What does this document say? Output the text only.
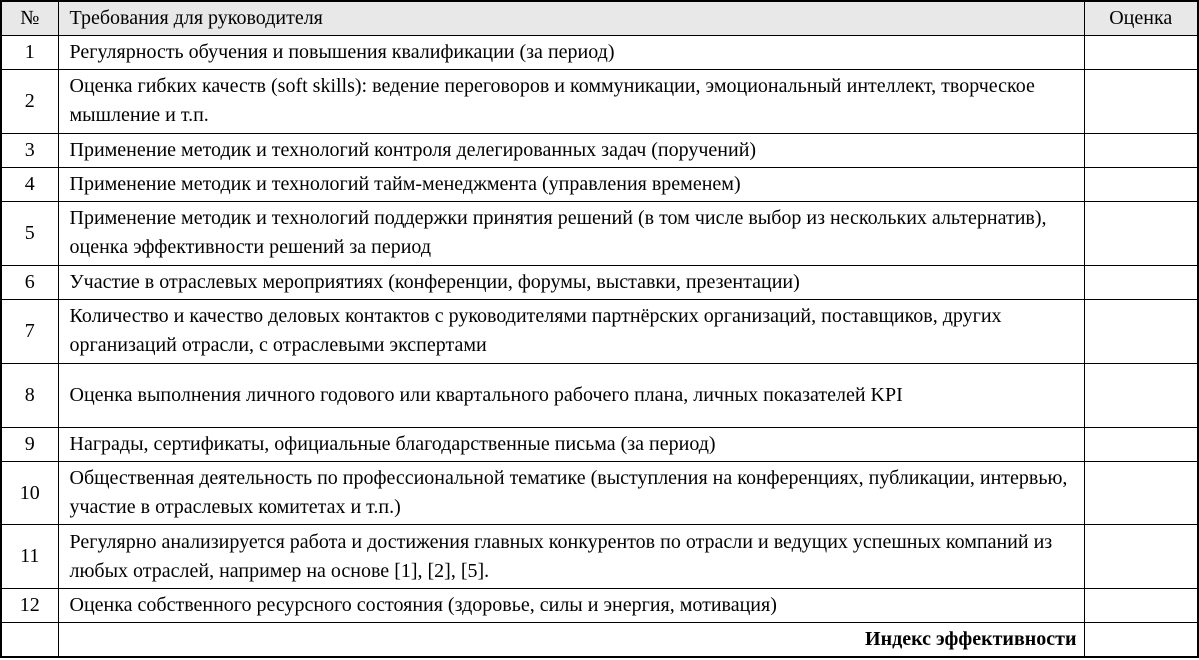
№	Требования для руководителя	Оценка
1	Регулярность обучения и повышения квалификации (за период)	
2	Оценка гибких качеств (soft skills): ведение переговоров и коммуникации, эмоциональный интеллект, творческое мышление и т.п.	
3	Применение методик и технологий контроля делегированных задач (поручений)	
4	Применение методик и технологий тайм-менеджмента (управления временем)	
5	Применение методик и технологий поддержки принятия решений (в том числе выбор из нескольких альтернатив), оценка эффективности решений за период	
6	Участие в отраслевых мероприятиях (конференции, форумы, выставки, презентации)	
7	Количество и качество деловых контактов с руководителями партнёрских организаций, поставщиков, других организаций отрасли, с отраслевыми экспертами	
8	Оценка выполнения личного годового или квартального рабочего плана, личных показателей KPI	
9	Награды, сертификаты, официальные благодарственные письма (за период)	
10	Общественная деятельность по профессиональной тематике (выступления на конференциях, публикации, интервью, участие в отраслевых комитетах и т.п.)	
11	Регулярно анализируется работа и достижения главных конкурентов по отрасли и ведущих успешных компаний из любых отраслей, например на основе [1], [2], [5].	
12	Оценка собственного ресурсного состояния (здоровье, силы и энергия, мотивация)	
	Индекс эффективности	
